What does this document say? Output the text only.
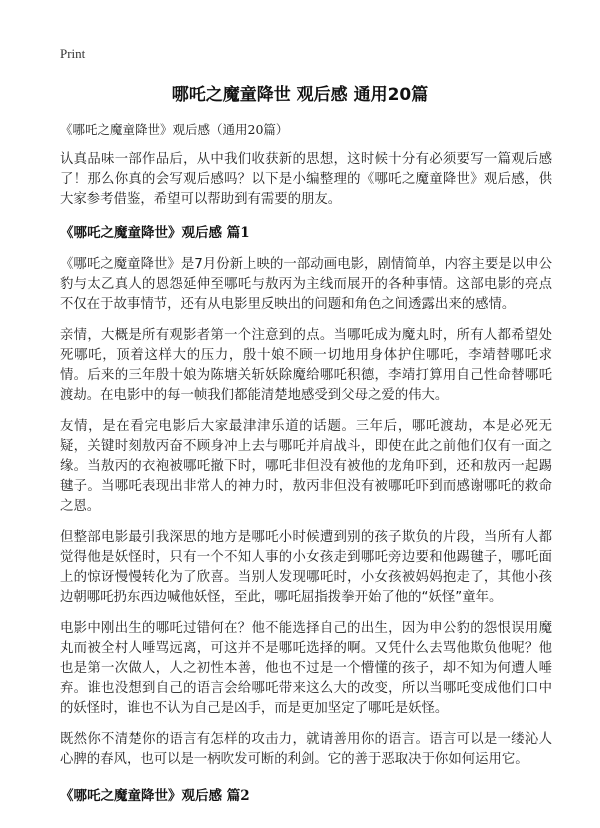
Print
哪吒之魔童降世 观后感 通用20篇
《哪吒之魔童降世》观后感（通用20篇）

认真品味一部作品后，从中我们收获新的思想，这时候十分有必须要写一篇观后感了！那么你真的会写观后感吗？以下是小编整理的《哪吒之魔童降世》观后感，供大家参考借鉴，希望可以帮助到有需要的朋友。

《哪吒之魔童降世》观后感 篇1

《哪吒之魔童降世》是7月份新上映的一部动画电影，剧情简单，内容主要是以申公豹与太乙真人的恩怨延伸至哪吒与敖丙为主线而展开的各种事情。这部电影的亮点不仅在于故事情节，还有从电影里反映出的问题和角色之间透露出来的感情。

亲情，大概是所有观影者第一个注意到的点。当哪吒成为魔丸时，所有人都希望处死哪吒，顶着这样大的压力，殷十娘不顾一切地用身体护住哪吒，李靖替哪吒求情。后来的三年殷十娘为陈塘关斩妖除魔给哪吒积德，李靖打算用自己性命替哪吒渡劫。在电影中的每一帧我们都能清楚地感受到父母之爱的伟大。

友情，是在看完电影后大家最津津乐道的话题。三年后，哪吒渡劫，本是必死无疑，关键时刻敖丙奋不顾身冲上去与哪吒并肩战斗，即使在此之前他们仅有一面之缘。当敖丙的衣袍被哪吒撤下时，哪吒非但没有被他的龙角吓到，还和敖丙一起踢毽子。当哪吒表现出非常人的神力时，敖丙非但没有被哪吒吓到而感谢哪吒的救命之恩。

但整部电影最引我深思的地方是哪吒小时候遭到别的孩子欺负的片段，当所有人都觉得他是妖怪时，只有一个不知人事的小女孩走到哪吒旁边要和他踢毽子，哪吒面上的惊讶慢慢转化为了欣喜。当别人发现哪吒时，小女孩被妈妈抱走了，其他小孩边朝哪吒扔东西边喊他妖怪，至此，哪吒屈指拨拳开始了他的“妖怪”童年。

电影中刚出生的哪吒过错何在？他不能选择自己的出生，因为申公豹的怨恨误用魔丸而被全村人唾骂远离，可这并不是哪吒选择的啊。又凭什么去骂他欺负他呢？他也是第一次做人，人之初性本善，他也不过是一个懵懂的孩子，却不知为何遭人唾弃。谁也没想到自己的语言会给哪吒带来这么大的改变，所以当哪吒变成他们口中的妖怪时，谁也不认为自己是凶手，而是更加坚定了哪吒是妖怪。

既然你不清楚你的语言有怎样的攻击力，就请善用你的语言。语言可以是一缕沁人心脾的春风，也可以是一柄吹发可断的利剑。它的善于恶取决于你如何运用它。

《哪吒之魔童降世》观后感 篇2
